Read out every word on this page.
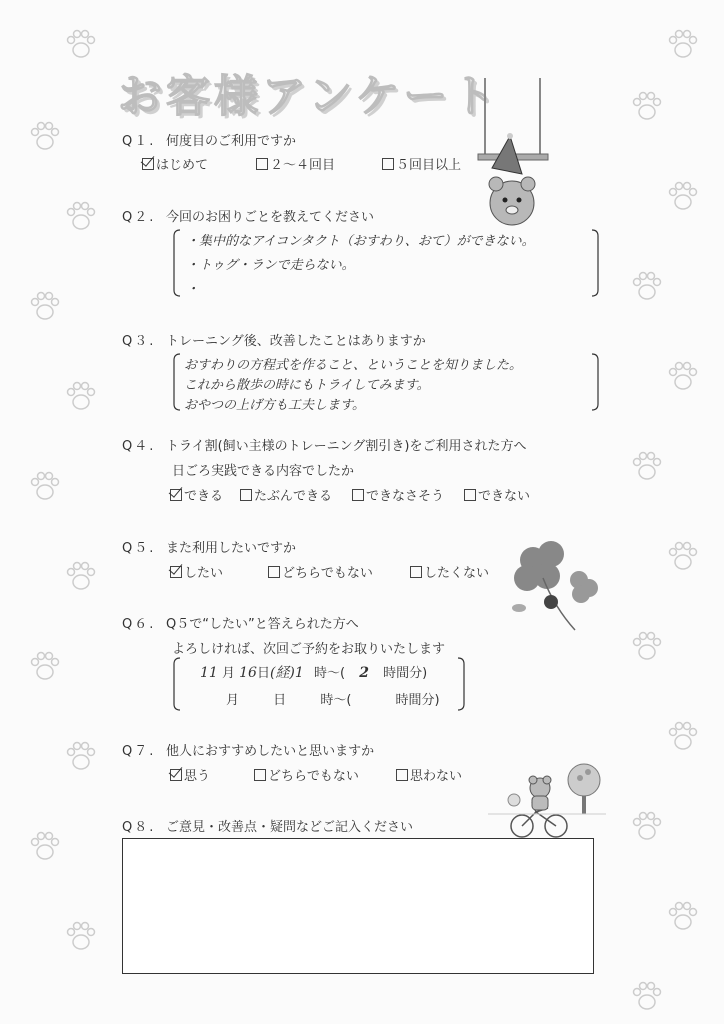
お客様アンケート
Q１. 何度目のご利用ですか
はじめて	２～４回目	５回目以上
Q２. 今回のお困りごとを教えてください
・集中的なアイコンタクト（おすわり、おて）ができない。
・トゥグ・ランで走らない。
・
Q３. トレーニング後、改善したことはありますか
おすわりの方程式を作ること、ということを知りました。
これから散歩の時にもトライしてみます。
おやつの上げ方も工夫します。
Q４. トライ割(飼い主様のトレーニング割引き)をご利用された方へ
日ごろ実践できる内容でしたか
できる	たぶんできる	できなさそう	できない
Q５. また利用したいですか
したい	どちらでもない	したくない
Q６. Q５で“したい”と答えられた方へ
よろしければ、次回ご予約をお取りいたします
11 月 16日(経)1 時～( 2 時間分)
月	日	時～(	時間分)
Q７. 他人におすすめしたいと思いますか
思う	どちらでもない	思わない
Q８. ご意見・改善点・疑問などご記入ください
